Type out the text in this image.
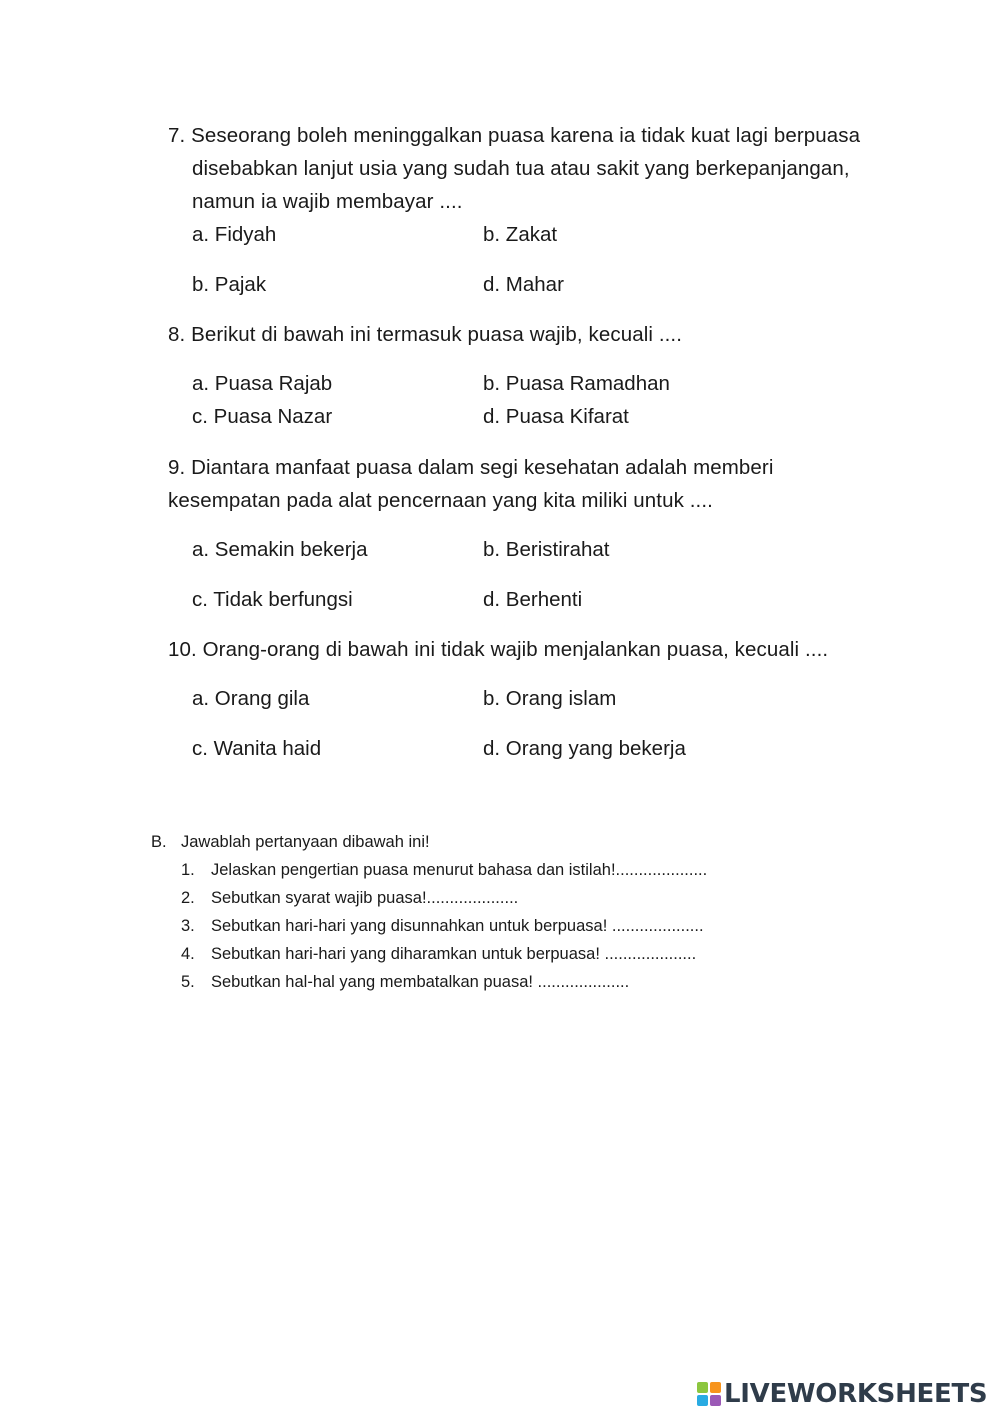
7. Seseorang boleh meninggalkan puasa karena ia tidak kuat lagi berpuasa
disebabkan lanjut usia yang sudah tua atau sakit yang berkepanjangan,
namun ia wajib membayar ....
a. Fidyah	b. Zakat
b. Pajak	d. Mahar
8. Berikut di bawah ini termasuk puasa wajib, kecuali ....
a. Puasa Rajab	b. Puasa Ramadhan
c. Puasa Nazar	d. Puasa Kifarat
9. Diantara manfaat puasa dalam segi kesehatan adalah memberi
kesempatan pada alat pencernaan yang kita miliki untuk ....
a. Semakin bekerja	b. Beristirahat
c. Tidak berfungsi	d. Berhenti
10. Orang-orang di bawah ini tidak wajib menjalankan puasa, kecuali ....
a. Orang gila	b. Orang islam
c. Wanita haid	d. Orang yang bekerja
B. Jawablah pertanyaan dibawah ini!
1. Jelaskan pengertian puasa menurut bahasa dan istilah!....................
2. Sebutkan syarat wajib puasa!....................
3. Sebutkan hari-hari yang disunnahkan untuk berpuasa! ....................
4. Sebutkan hari-hari yang diharamkan untuk berpuasa! ....................
5. Sebutkan hal-hal yang membatalkan puasa! ....................
LIVEWORKSHEETS
